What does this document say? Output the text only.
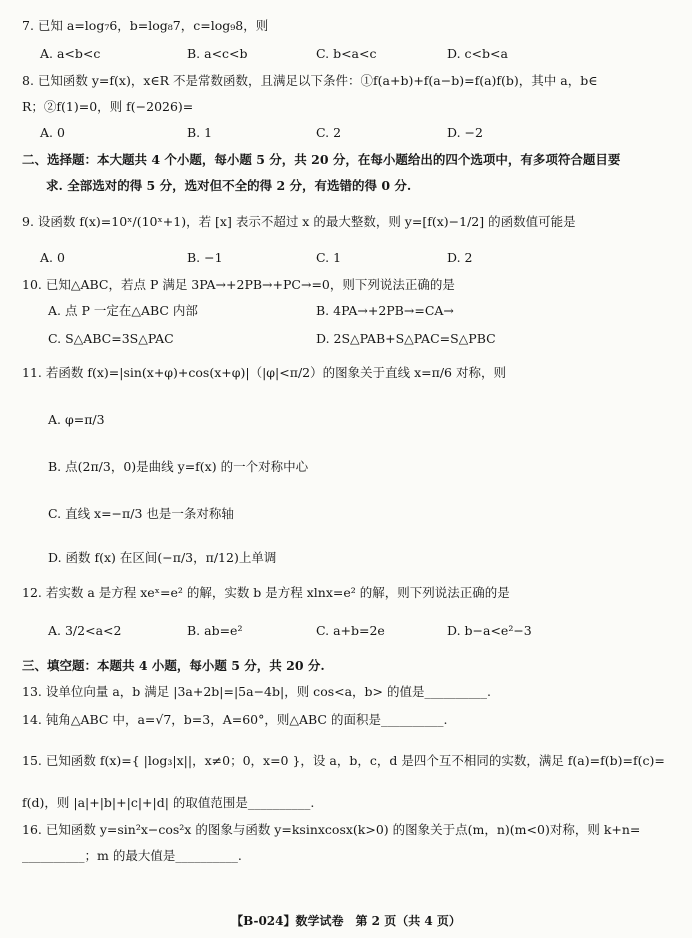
7. 已知 a=log₇6，b=log₈7，c=log₉8，则
A. a<b<c	B. a<c<b	C. b<a<c	D. c<b<a
8. 已知函数 y=f(x)，x∈R 不是常数函数，且满足以下条件：①f(a+b)+f(a−b)=f(a)f(b)，其中 a，b∈
R；②f(1)=0，则 f(−2026)=
A. 0	B. 1	C. 2	D. −2
二、选择题：本大题共 4 个小题，每小题 5 分，共 20 分，在每小题给出的四个选项中，有多项符合题目要
求. 全部选对的得 5 分，选对但不全的得 2 分，有选错的得 0 分.
9. 设函数 f(x)=10ˣ/(10ˣ+1)，若 [x] 表示不超过 x 的最大整数，则 y=[f(x)−1/2] 的函数值可能是
A. 0	B. −1	C. 1	D. 2
10. 已知△ABC，若点 P 满足 3PA→+2PB→+PC→=0，则下列说法正确的是
A. 点 P 一定在△ABC 内部	B. 4PA→+2PB→=CA→
C. S△ABC=3S△PAC	D. 2S△PAB+S△PAC=S△PBC
11. 若函数 f(x)=|sin(x+φ)+cos(x+φ)|（|φ|<π/2）的图象关于直线 x=π/6 对称，则
A. φ=π/3
B. 点(2π/3，0)是曲线 y=f(x) 的一个对称中心
C. 直线 x=−π/3 也是一条对称轴
D. 函数 f(x) 在区间(−π/3，π/12)上单调
12. 若实数 a 是方程 xeˣ=e² 的解，实数 b 是方程 xlnx=e² 的解，则下列说法正确的是
A. 3/2<a<2	B. ab=e²	C. a+b=2e	D. b−a<e²−3
三、填空题：本题共 4 小题，每小题 5 分，共 20 分.
13. 设单位向量 a，b 满足 |3a+2b|=|5a−4b|，则 cos<a，b> 的值是__________.
14. 钝角△ABC 中，a=√7，b=3，A=60°，则△ABC 的面积是__________.
15. 已知函数 f(x)={ |log₃|x||，x≠0；0，x=0 }，设 a，b，c，d 是四个互不相同的实数，满足 f(a)=f(b)=f(c)=
f(d)，则 |a|+|b|+|c|+|d| 的取值范围是__________.
16. 已知函数 y=sin²x−cos²x 的图象与函数 y=ksinxcosx(k>0) 的图象关于点(m，n)(m<0)对称，则 k+n=
__________；m 的最大值是__________.
【B-024】数学试卷　第 2 页（共 4 页）
